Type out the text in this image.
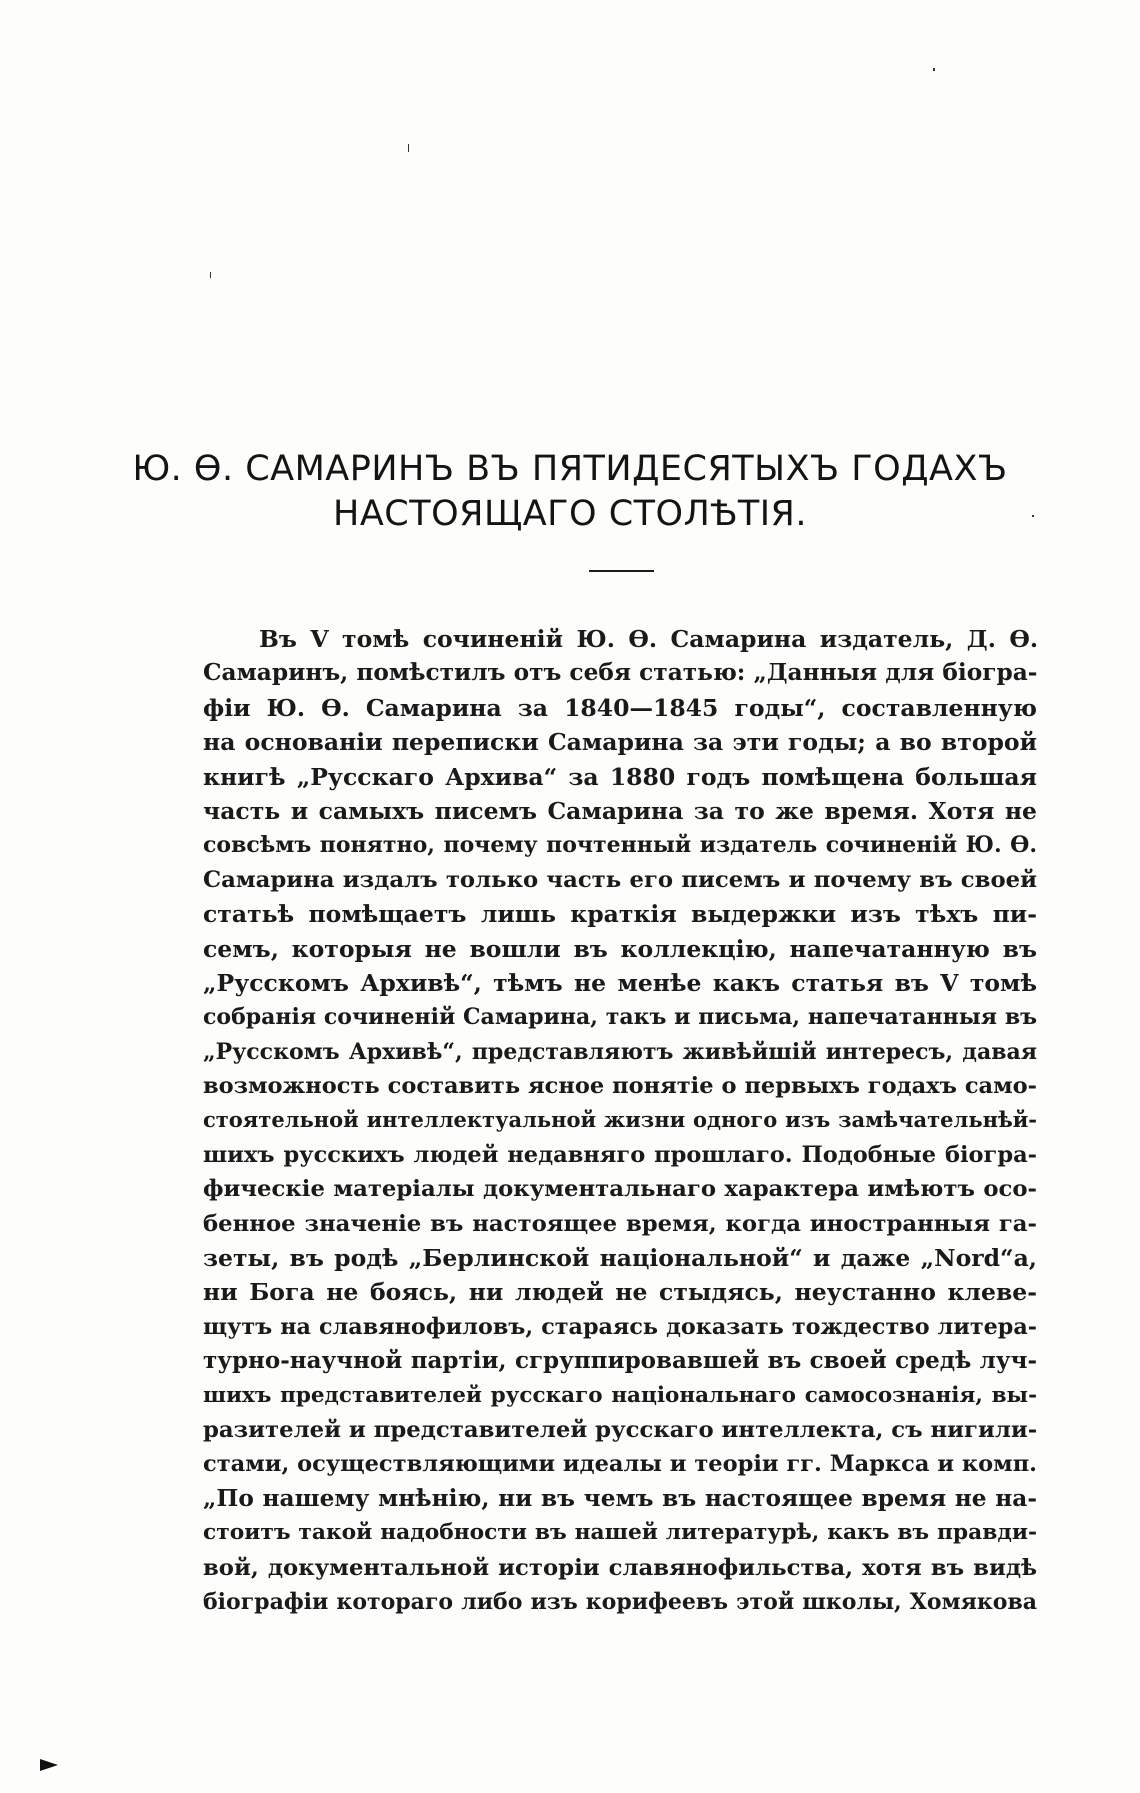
Ю. Ѳ. САМАРИНЪ ВЪ ПЯТИДЕСЯТЫХЪ ГОДАХЪ
НАСТОЯЩАГО СТОЛѢТІЯ.
Въ V томѣ сочиненій Ю. Ѳ. Самарина издатель, Д. Ѳ.
Самаринъ, помѣстилъ отъ себя статью: „Данныя для біогра-
фіи Ю. Ѳ. Самарина за 1840—1845 годы“, составленную
на основаніи переписки Самарина за эти годы; а во второй
книгѣ „Русскаго Архива“ за 1880 годъ помѣщена большая
часть и самыхъ писемъ Самарина за то же время. Хотя не
совсѣмъ понятно, почему почтенный издатель сочиненій Ю. Ѳ.
Самарина издалъ только часть его писемъ и почему въ своей
статьѣ помѣщаетъ лишь краткія выдержки изъ тѣхъ пи-
семъ, которыя не вошли въ коллекцію, напечатанную въ
„Русскомъ Архивѣ“, тѣмъ не менѣе какъ статья въ V томѣ
собранія сочиненій Самарина, такъ и письма, напечатанныя въ
„Русскомъ Архивѣ“, представляютъ живѣйшій интересъ, давая
возможность составить ясное понятіе о первыхъ годахъ само-
стоятельной интеллектуальной жизни одного изъ замѣчательнѣй-
шихъ русскихъ людей недавняго прошлаго. Подобные біогра-
фическіе матеріалы документальнаго характера имѣютъ осо-
бенное значеніе въ настоящее время, когда иностранныя га-
зеты, въ родѣ „Берлинской національной“ и даже „Nord“а,
ни Бога не боясь, ни людей не стыдясь, неустанно клеве-
щутъ на славянофиловъ, стараясь доказать тождество литера-
турно-научной партіи, сгруппировавшей въ своей средѣ луч-
шихъ представителей русскаго національнаго самосознанія, вы-
разителей и представителей русскаго интеллекта, съ нигили-
стами, осуществляющими идеалы и теоріи гг. Маркса и комп.
„По нашему мнѣнію, ни въ чемъ въ настоящее время не на-
стоитъ такой надобности въ нашей литературѣ, какъ въ правди-
вой, документальной исторіи славянофильства, хотя въ видѣ
біографіи котораго либо изъ корифеевъ этой школы, Хомякова
